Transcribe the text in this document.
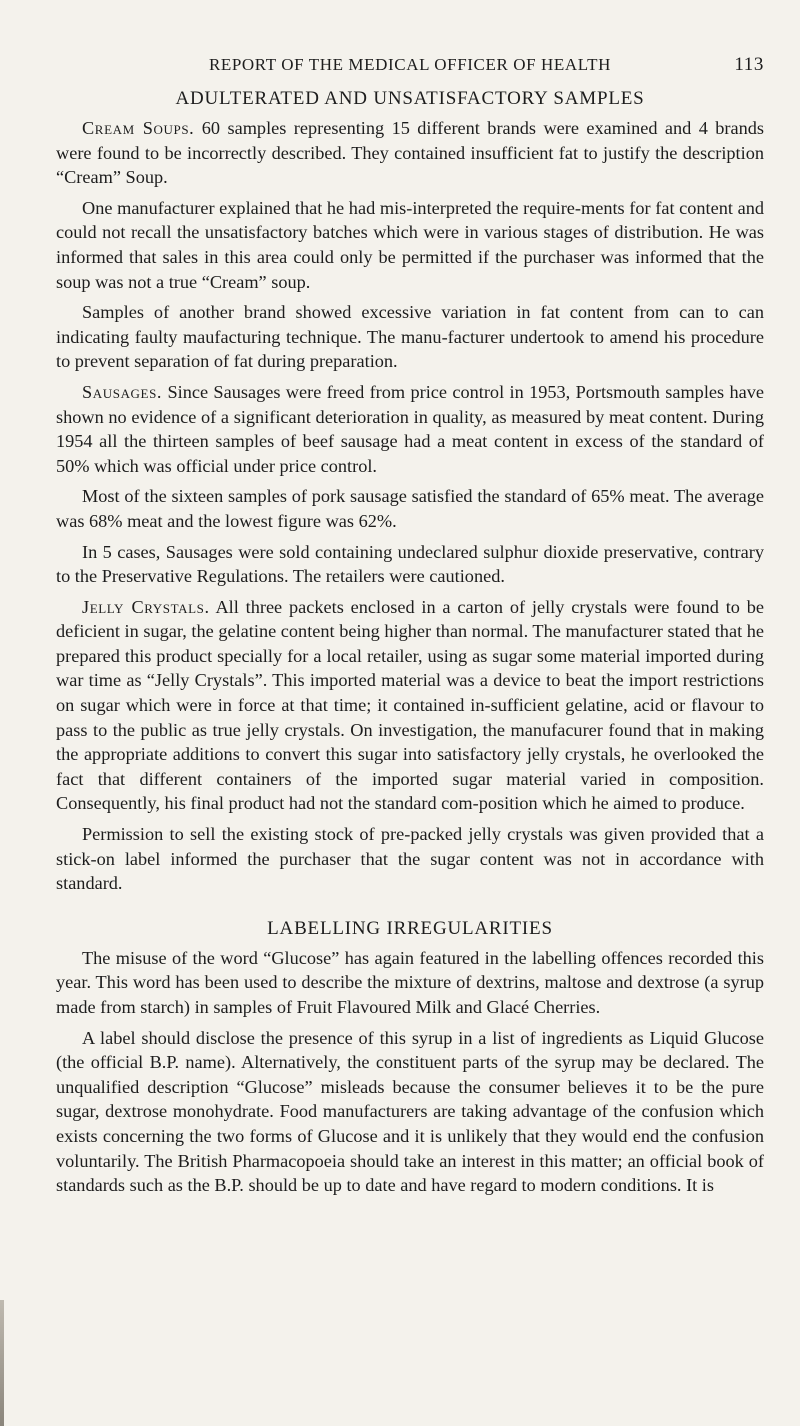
REPORT OF THE MEDICAL OFFICER OF HEALTH	113
ADULTERATED AND UNSATISFACTORY SAMPLES

Cream Soups. 60 samples representing 15 different brands were examined and 4 brands were found to be incorrectly described. They contained insufficient fat to justify the description “Cream” Soup.

One manufacturer explained that he had mis-interpreted the require-ments for fat content and could not recall the unsatisfactory batches which were in various stages of distribution. He was informed that sales in this area could only be permitted if the purchaser was informed that the soup was not a true “Cream” soup.

Samples of another brand showed excessive variation in fat content from can to can indicating faulty maufacturing technique. The manu-facturer undertook to amend his procedure to prevent separation of fat during preparation.

Sausages. Since Sausages were freed from price control in 1953, Portsmouth samples have shown no evidence of a significant deterioration in quality, as measured by meat content. During 1954 all the thirteen samples of beef sausage had a meat content in excess of the standard of 50% which was official under price control.

Most of the sixteen samples of pork sausage satisfied the standard of 65% meat. The average was 68% meat and the lowest figure was 62%.

In 5 cases, Sausages were sold containing undeclared sulphur dioxide preservative, contrary to the Preservative Regulations. The retailers were cautioned.

Jelly Crystals. All three packets enclosed in a carton of jelly crystals were found to be deficient in sugar, the gelatine content being higher than normal. The manufacturer stated that he prepared this product specially for a local retailer, using as sugar some material imported during war time as “Jelly Crystals”. This imported material was a device to beat the import restrictions on sugar which were in force at that time; it contained in-sufficient gelatine, acid or flavour to pass to the public as true jelly crystals. On investigation, the manufacurer found that in making the appropriate additions to convert this sugar into satisfactory jelly crystals, he overlooked the fact that different containers of the imported sugar material varied in composition. Consequently, his final product had not the standard com-position which he aimed to produce.

Permission to sell the existing stock of pre-packed jelly crystals was given provided that a stick-on label informed the purchaser that the sugar content was not in accordance with standard.

LABELLING IRREGULARITIES

The misuse of the word “Glucose” has again featured in the labelling offences recorded this year. This word has been used to describe the mixture of dextrins, maltose and dextrose (a syrup made from starch) in samples of Fruit Flavoured Milk and Glacé Cherries.

A label should disclose the presence of this syrup in a list of ingredients as Liquid Glucose (the official B.P. name). Alternatively, the constituent parts of the syrup may be declared. The unqualified description “Glucose” misleads because the consumer believes it to be the pure sugar, dextrose monohydrate. Food manufacturers are taking advantage of the confusion which exists concerning the two forms of Glucose and it is unlikely that they would end the confusion voluntarily. The British Pharmacopoeia should take an interest in this matter; an official book of standards such as the B.P. should be up to date and have regard to modern conditions. It is
